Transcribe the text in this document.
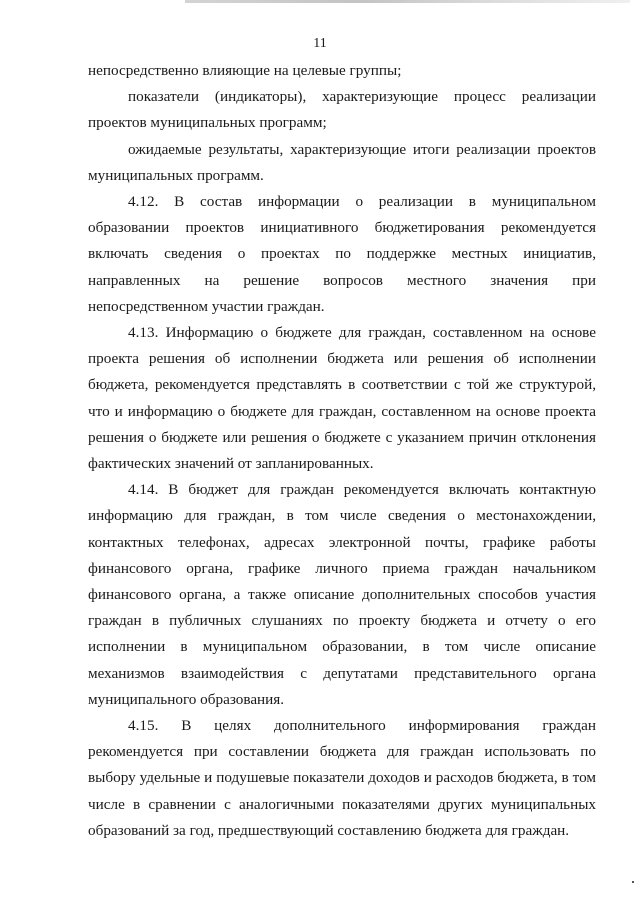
11

непосредственно влияющие на целевые группы;

показатели (индикаторы), характеризующие процесс реализации проектов муниципальных программ;

ожидаемые результаты, характеризующие итоги реализации проектов муниципальных программ.

4.12. В состав информации о реализации в муниципальном образовании проектов инициативного бюджетирования рекомендуется включать сведения о проектах по поддержке местных инициатив, направленных на решение вопросов местного значения при непосредственном участии граждан.

4.13. Информацию о бюджете для граждан, составленном на основе проекта решения об исполнении бюджета или решения об исполнении бюджета, рекомендуется представлять в соответствии с той же структурой, что и информацию о бюджете для граждан, составленном на основе проекта решения о бюджете или решения о бюджете с указанием причин отклонения фактических значений от запланированных.

4.14. В бюджет для граждан рекомендуется включать контактную информацию для граждан, в том числе сведения о местонахождении, контактных телефонах, адресах электронной почты, графике работы финансового органа, графике личного приема граждан начальником финансового органа, а также описание дополнительных способов участия граждан в публичных слушаниях по проекту бюджета и отчету о его исполнении в муниципальном образовании, в том числе описание механизмов взаимодействия с депутатами представительного органа муниципального образования.

4.15. В целях дополнительного информирования граждан рекомендуется при составлении бюджета для граждан использовать по выбору удельные и подушевые показатели доходов и расходов бюджета, в том числе в сравнении с аналогичными показателями других муниципальных образований за год, предшествующий составлению бюджета для граждан.
